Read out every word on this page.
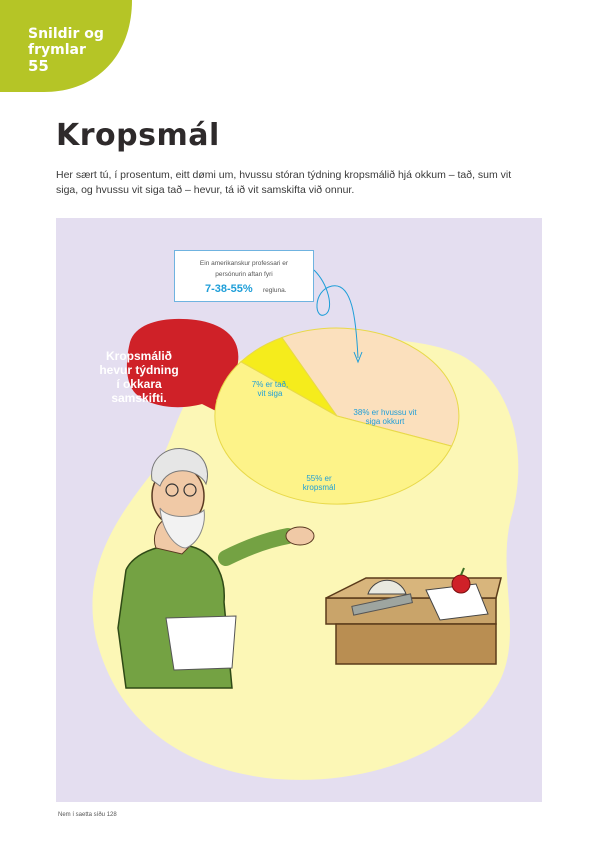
Snildir og
frymlar
55
Kropsmál

Her sært tú, í prosentum, eitt dømi um, hvussu stóran týdning kropsmálið hjá okkum – tað, sum vit siga, og hvussu vit siga tað – hevur, tá ið vit samskifta við onnur.

Ein amerikanskur professari er
persónurin aftan fyri
7-38-55% regluna.
Kropsmálið
hevur týdning
í okkara
samskifti.
7% er tað,
vit siga
38% er hvussu vit
siga okkurt
55% er
kropsmál
Nem í saetta síðu 128
